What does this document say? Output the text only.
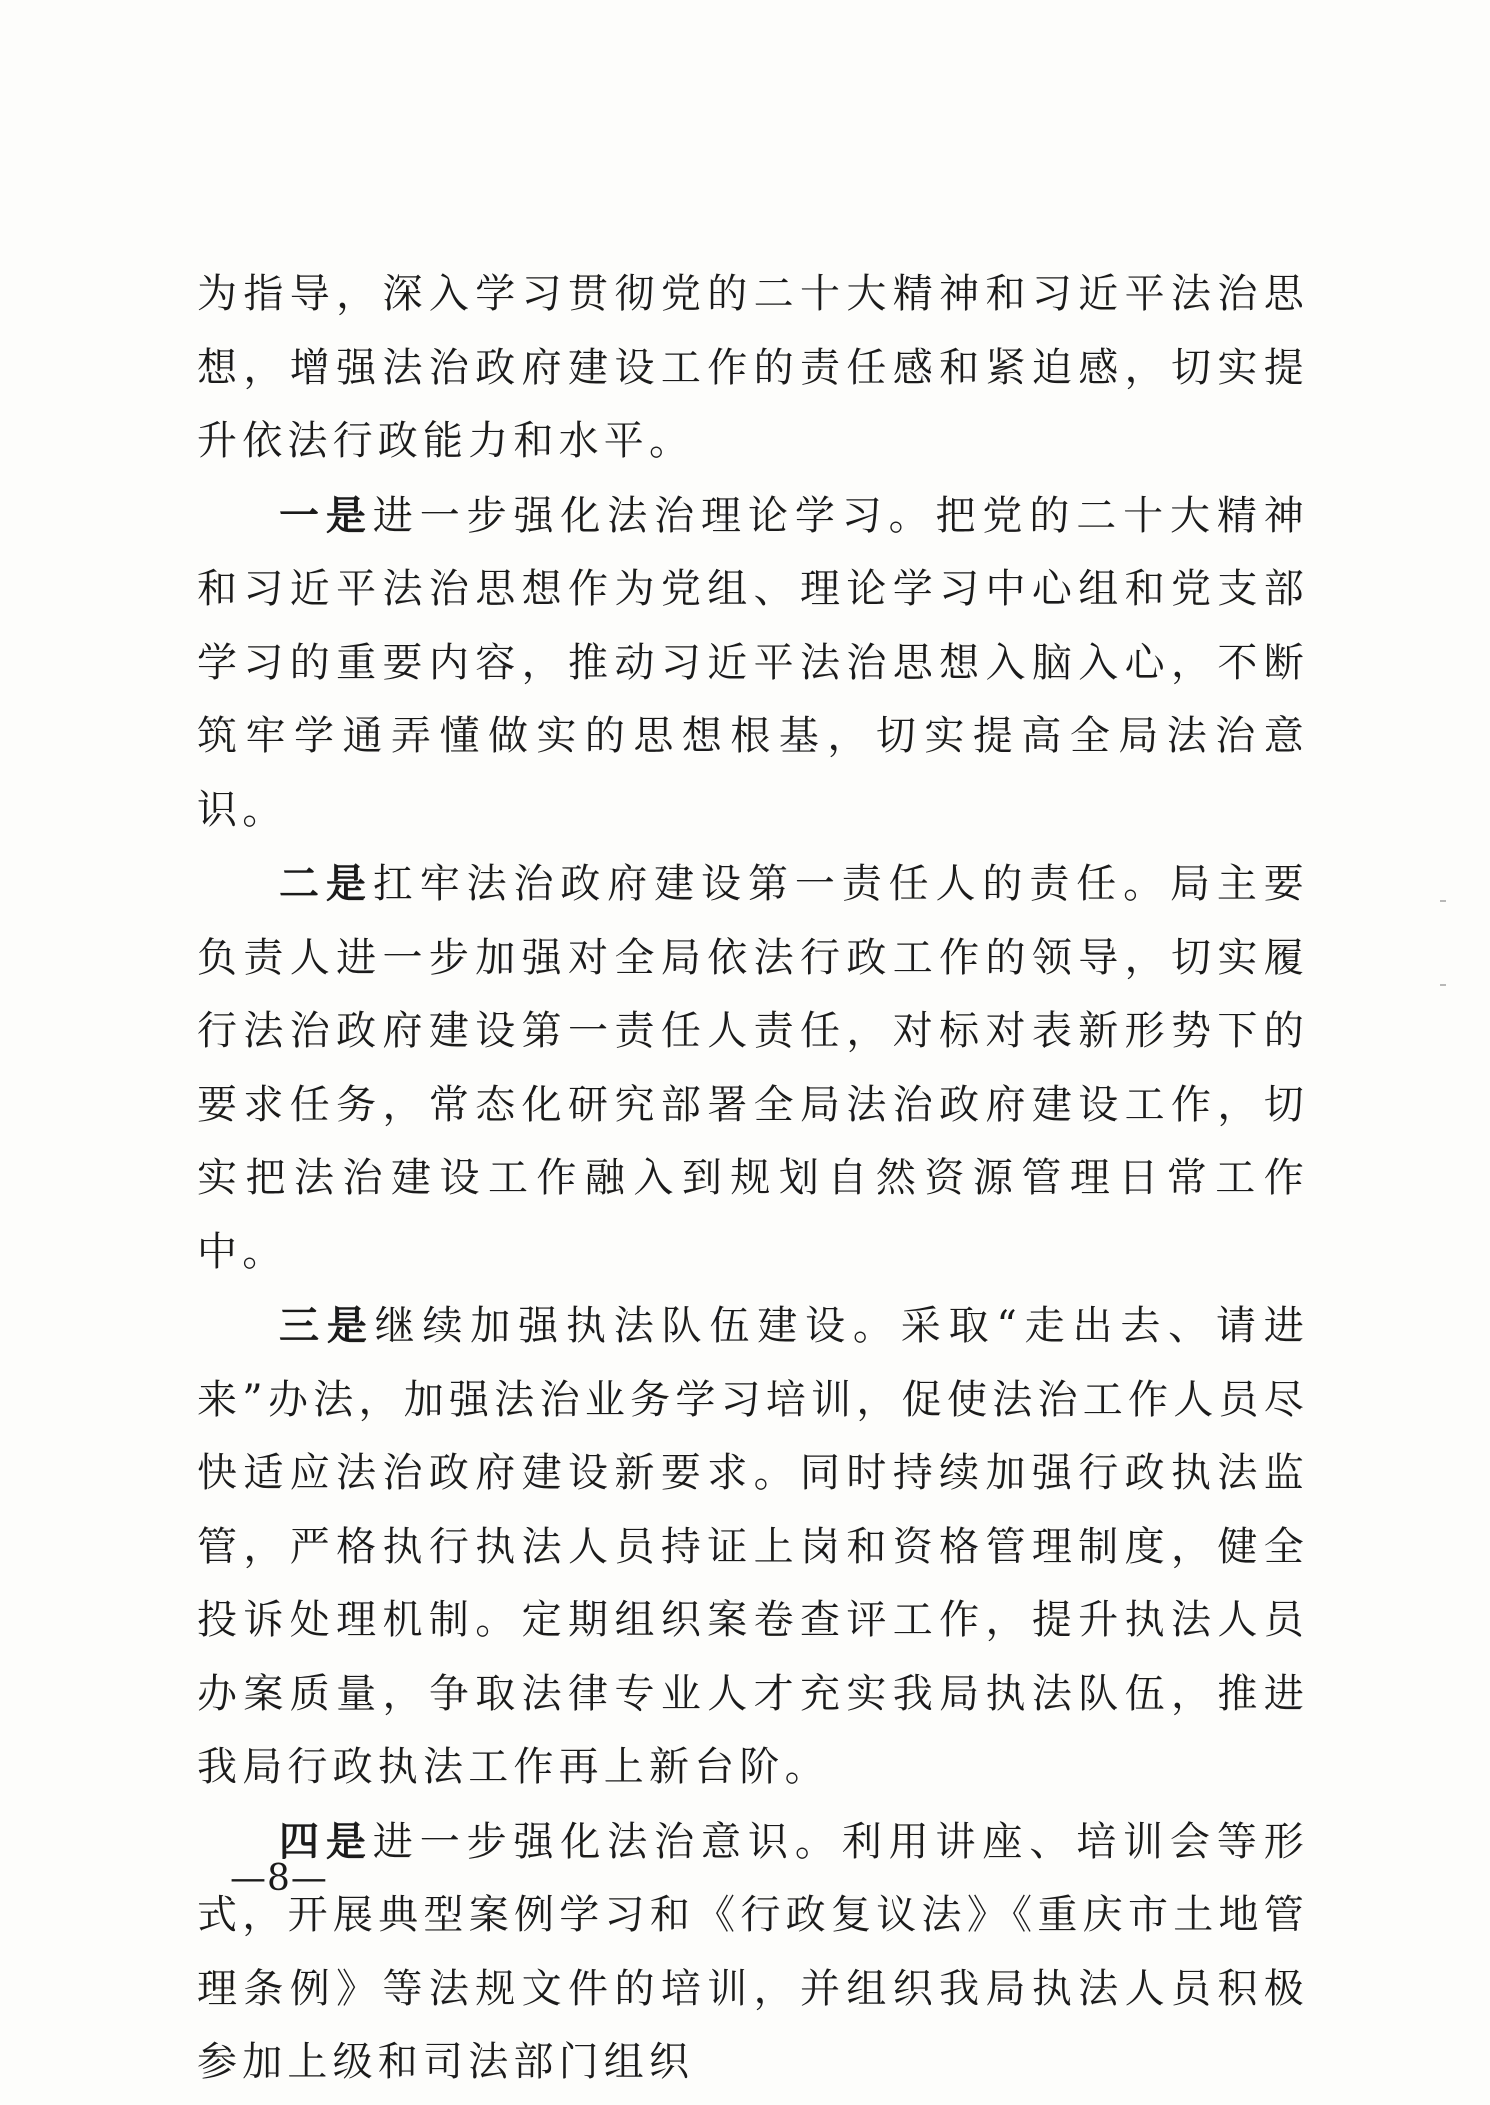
为指导，深入学习贯彻党的二十大精神和习近平法治思想，增强法治政府建设工作的责任感和紧迫感，切实提升依法行政能力和水平。

一是进一步强化法治理论学习。把党的二十大精神和习近平法治思想作为党组、理论学习中心组和党支部学习的重要内容，推动习近平法治思想入脑入心，不断筑牢学通弄懂做实的思想根基，切实提高全局法治意识。

二是扛牢法治政府建设第一责任人的责任。局主要负责人进一步加强对全局依法行政工作的领导，切实履行法治政府建设第一责任人责任，对标对表新形势下的要求任务，常态化研究部署全局法治政府建设工作，切实把法治建设工作融入到规划自然资源管理日常工作中。

三是继续加强执法队伍建设。采取“走出去、请进来”办法，加强法治业务学习培训，促使法治工作人员尽快适应法治政府建设新要求。同时持续加强行政执法监管，严格执行执法人员持证上岗和资格管理制度，健全投诉处理机制。定期组织案卷查评工作，提升执法人员办案质量，争取法律专业人才充实我局执法队伍，推进我局行政执法工作再上新台阶。

四是进一步强化法治意识。利用讲座、培训会等形式，开展典型案例学习和《行政复议法》《重庆市土地管理条例》等法规文件的培训，并组织我局执法人员积极参加上级和司法部门组织

—8—
